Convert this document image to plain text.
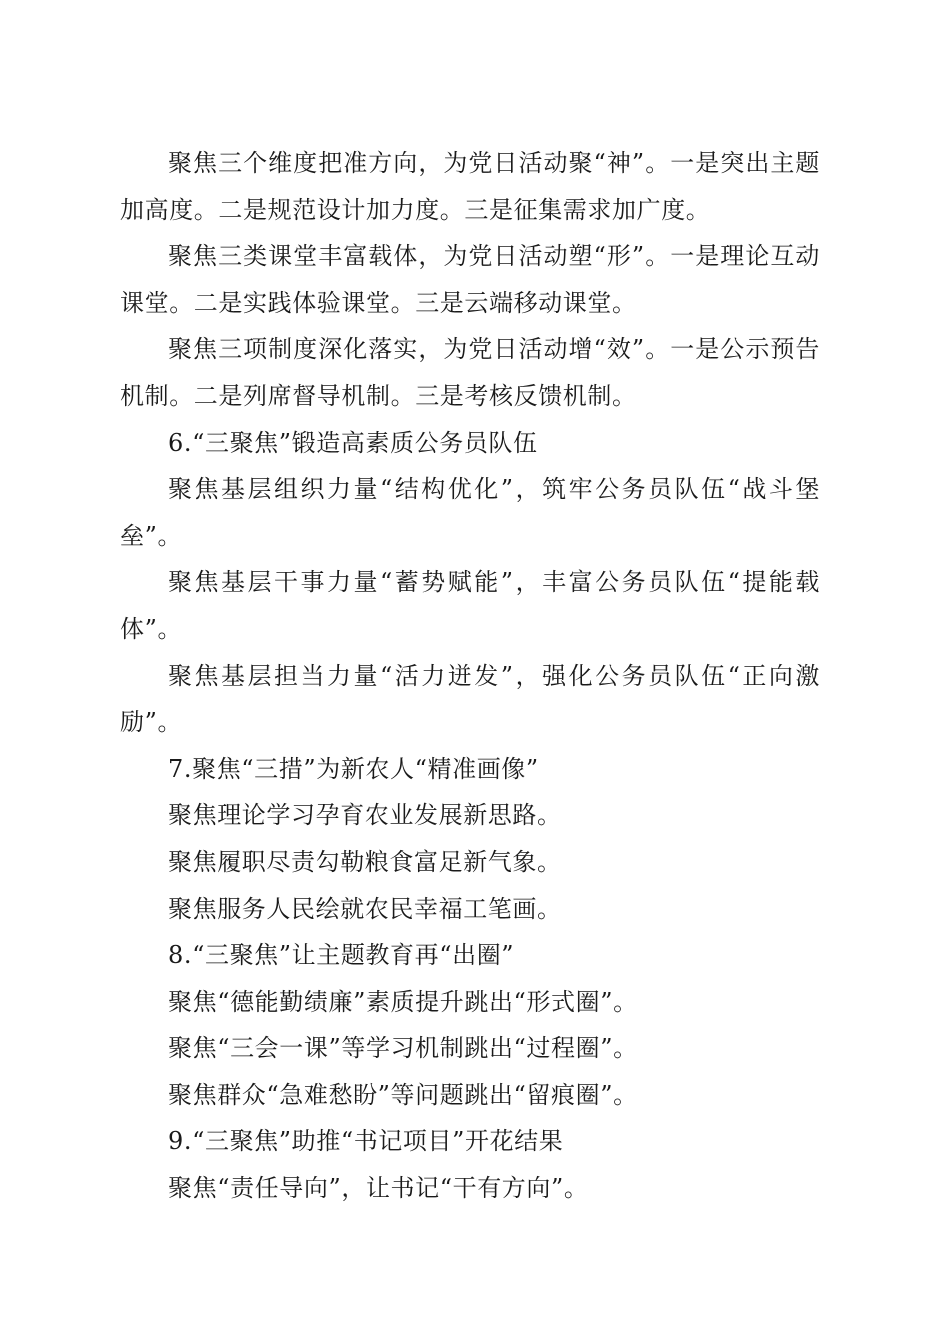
聚焦三个维度把准方向，为党日活动聚“神”。一是突出主题加高度。二是规范设计加力度。三是征集需求加广度。

聚焦三类课堂丰富载体，为党日活动塑“形”。一是理论互动课堂。二是实践体验课堂。三是云端移动课堂。

聚焦三项制度深化落实，为党日活动增“效”。一是公示预告机制。二是列席督导机制。三是考核反馈机制。

6.“三聚焦”锻造高素质公务员队伍

聚焦基层组织力量“结构优化”，筑牢公务员队伍“战斗堡垒”。

聚焦基层干事力量“蓄势赋能”，丰富公务员队伍“提能载体”。

聚焦基层担当力量“活力迸发”，强化公务员队伍“正向激励”。

7.聚焦“三措”为新农人“精准画像”

聚焦理论学习孕育农业发展新思路。

聚焦履职尽责勾勒粮食富足新气象。

聚焦服务人民绘就农民幸福工笔画。

8.“三聚焦”让主题教育再“出圈”

聚焦“德能勤绩廉”素质提升跳出“形式圈”。

聚焦“三会一课”等学习机制跳出“过程圈”。

聚焦群众“急难愁盼”等问题跳出“留痕圈”。

9.“三聚焦”助推“书记项目”开花结果

聚焦“责任导向”，让书记“干有方向”。
